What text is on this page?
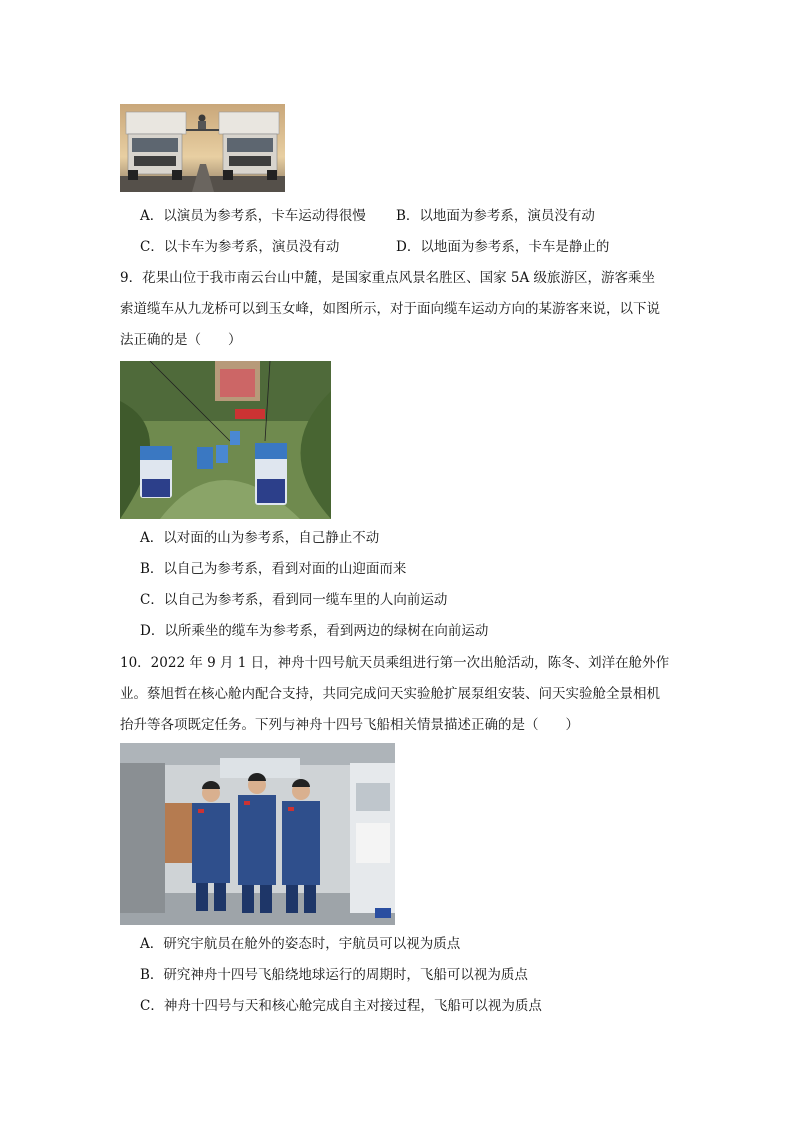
A．以演员为参考系，卡车运动得很慢 B．以地面为参考系，演员没有动
C．以卡车为参考系，演员没有动	D．以地面为参考系，卡车是静止的
9．花果山位于我市南云台山中麓，是国家重点风景名胜区、国家 5A 级旅游区，游客乘坐
索道缆车从九龙桥可以到玉女峰，如图所示，对于面向缆车运动方向的某游客来说，以下说
法正确的是（　　）
A．以对面的山为参考系，自己静止不动
B．以自己为参考系，看到对面的山迎面而来
C．以自己为参考系，看到同一缆车里的人向前运动
D．以所乘坐的缆车为参考系，看到两边的绿树在向前运动
10．2022 年 9 月 1 日，神舟十四号航天员乘组进行第一次出舱活动，陈冬、刘洋在舱外作
业。蔡旭哲在核心舱内配合支持，共同完成问天实验舱扩展泵组安装、问天实验舱全景相机
抬升等各项既定任务。下列与神舟十四号飞船相关情景描述正确的是（　　）
A．研究宇航员在舱外的姿态时，宇航员可以视为质点
B．研究神舟十四号飞船绕地球运行的周期时，飞船可以视为质点
C．神舟十四号与天和核心舱完成自主对接过程，飞船可以视为质点
